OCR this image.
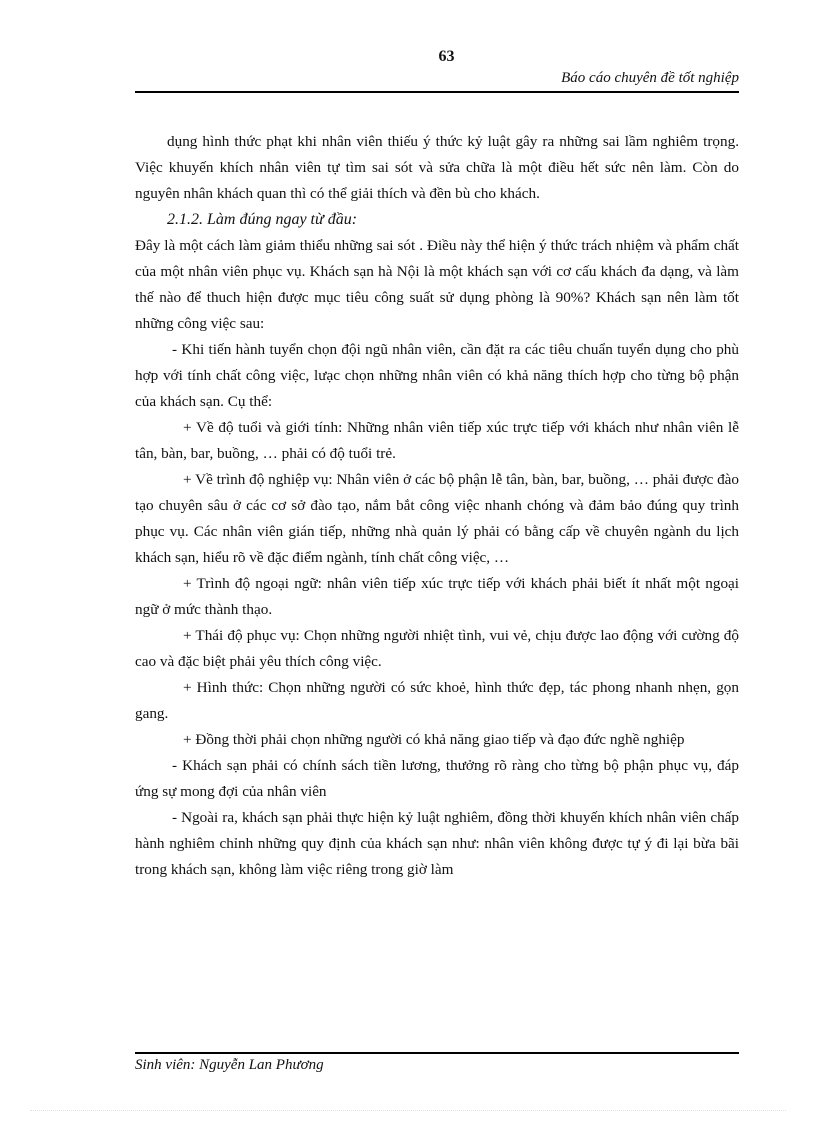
63
Báo cáo chuyên đề tốt nghiệp

dụng hình thức phạt khi nhân viên thiếu ý thức kỷ luật gây ra những sai lầm nghiêm trọng. Việc khuyến khích nhân viên tự tìm sai sót và sửa chữa là một điều hết sức nên làm. Còn do nguyên nhân khách quan thì có thể giải thích và đền bù cho khách.

2.1.2. Làm đúng ngay từ đầu:

Đây là một cách làm giảm thiểu những sai sót . Điều này thể hiện ý thức trách nhiệm và phẩm chất của một nhân viên phục vụ. Khách sạn hà Nội là một khách sạn với cơ cấu khách đa dạng, và làm thế nào để thuch hiện được mục tiêu công suất sử dụng phòng là 90%? Khách sạn nên làm tốt những công việc sau:

- Khi tiến hành tuyển chọn đội ngũ nhân viên, cần đặt ra các tiêu chuẩn tuyển dụng cho phù hợp với tính chất công việc, lưạc chọn những nhân viên có khả năng thích hợp cho từng bộ phận của khách sạn. Cụ thể:

+ Về độ tuổi và giới tính: Những nhân viên tiếp xúc trực tiếp với khách như nhân viên lễ tân, bàn, bar, buồng, … phải có độ tuổi trẻ.

+ Về trình độ nghiệp vụ: Nhân viên ở các bộ phận lễ tân, bàn, bar, buồng, … phải được đào tạo chuyên sâu ở các cơ sở đào tạo, nắm bắt công việc nhanh chóng và đảm bảo đúng quy trình phục vụ. Các nhân viên gián tiếp, những nhà quản lý phải có bằng cấp về chuyên ngành du lịch khách sạn, hiểu rõ về đặc điểm ngành, tính chất công việc, …

+ Trình độ ngoại ngữ: nhân viên tiếp xúc trực tiếp với khách phải biết ít nhất một ngoại ngữ ở mức thành thạo.

+ Thái độ phục vụ: Chọn những người nhiệt tình, vui vẻ, chịu được lao động với cường độ cao và đặc biệt phải yêu thích công việc.

+ Hình thức: Chọn những người có sức khoẻ, hình thức đẹp, tác phong nhanh nhẹn, gọn gang.

+ Đồng thời phải chọn những người có khả năng giao tiếp và đạo đức nghề nghiệp

- Khách sạn phải có chính sách tiền lương, thưởng rõ ràng cho từng bộ phận phục vụ, đáp ứng sự mong đợi của nhân viên

- Ngoài ra, khách sạn phải thực hiện kỷ luật nghiêm, đồng thời khuyến khích nhân viên chấp hành nghiêm chỉnh những quy định của khách sạn như: nhân viên không được tự ý đi lại bừa bãi trong khách sạn, không làm việc riêng trong giờ làm

Sinh viên: Nguyễn Lan Phương
